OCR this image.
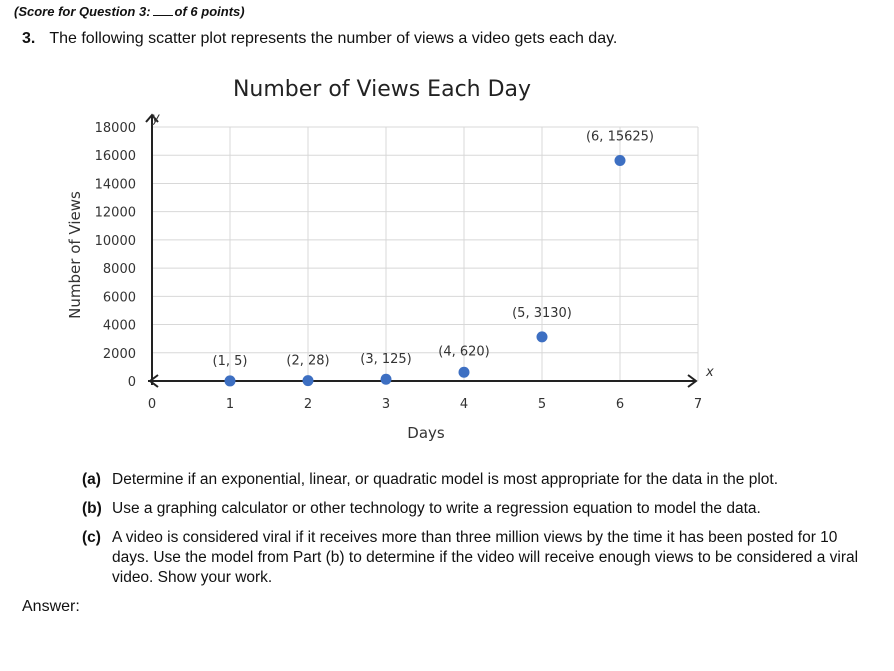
(Score for Question 3: of 6 points)
3. The following scatter plot represents the number of views a video gets each day.
Number of Views Each Day
0
2000
4000
6000
8000
10000
12000
14000
16000
18000
0	1	2	3	4	5	6	7
(1, 5)	(2, 28) (3, 125)
(4, 620)
(5, 3130)
(6, 15625)
Days
Number of Views
x
y
(a) Determine if an exponential, linear, or quadratic model is most appropriate for the data in the plot.
(b) Use a graphing calculator or other technology to write a regression equation to model the data.
(c) A video is considered viral if it receives more than three million views by the time it has been posted for 10 days. Use the model from Part (b) to determine if the video will receive enough views to be considered a viral video. Show your work.
Answer:
